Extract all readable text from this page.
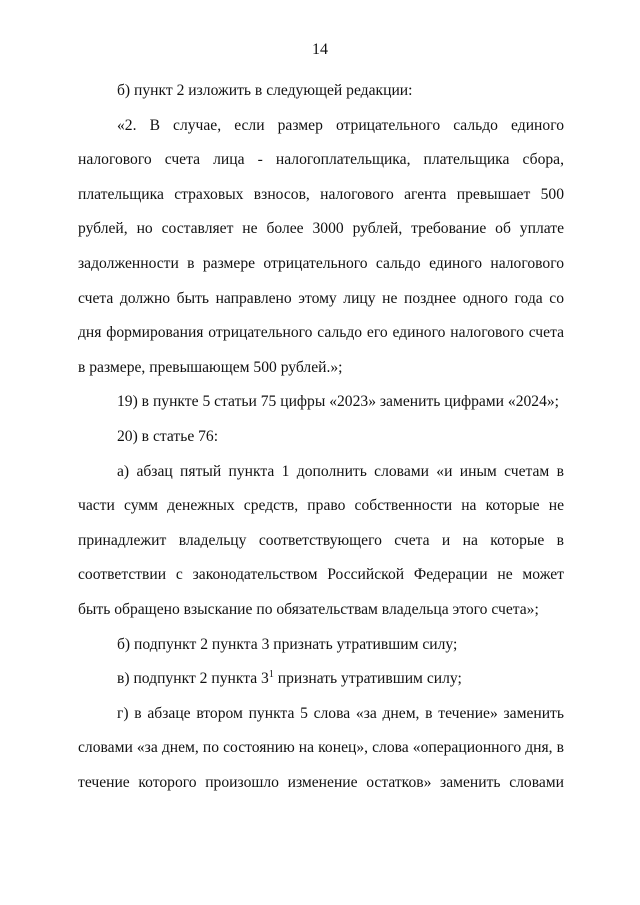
14

б) пункт 2 изложить в следующей редакции:

«2. В случае, если размер отрицательного сальдо единого налогового счета лица - налогоплательщика, плательщика сбора, плательщика страховых взносов, налогового агента превышает 500 рублей, но составляет не более 3000 рублей, требование об уплате задолженности в размере отрицательного сальдо единого налогового счета должно быть направлено этому лицу не позднее одного года со дня формирования отрицательного сальдо его единого налогового счета в размере, превышающем 500 рублей.»;

19) в пункте 5 статьи 75 цифры «2023» заменить цифрами «2024»;

20) в статье 76:

а) абзац пятый пункта 1 дополнить словами «и иным счетам в части сумм денежных средств, право собственности на которые не принадлежит владельцу соответствующего счета и на которые в соответствии с законодательством Российской Федерации не может быть обращено взыскание по обязательствам владельца этого счета»;

б) подпункт 2 пункта 3 признать утратившим силу;

в) подпункт 2 пункта $3^1$ признать утратившим силу;

г) в абзаце втором пункта 5 слова «за днем, в течение» заменить словами «за днем, по состоянию на конец», слова «операционного дня, в течение которого произошло изменение остатков» заменить словами
